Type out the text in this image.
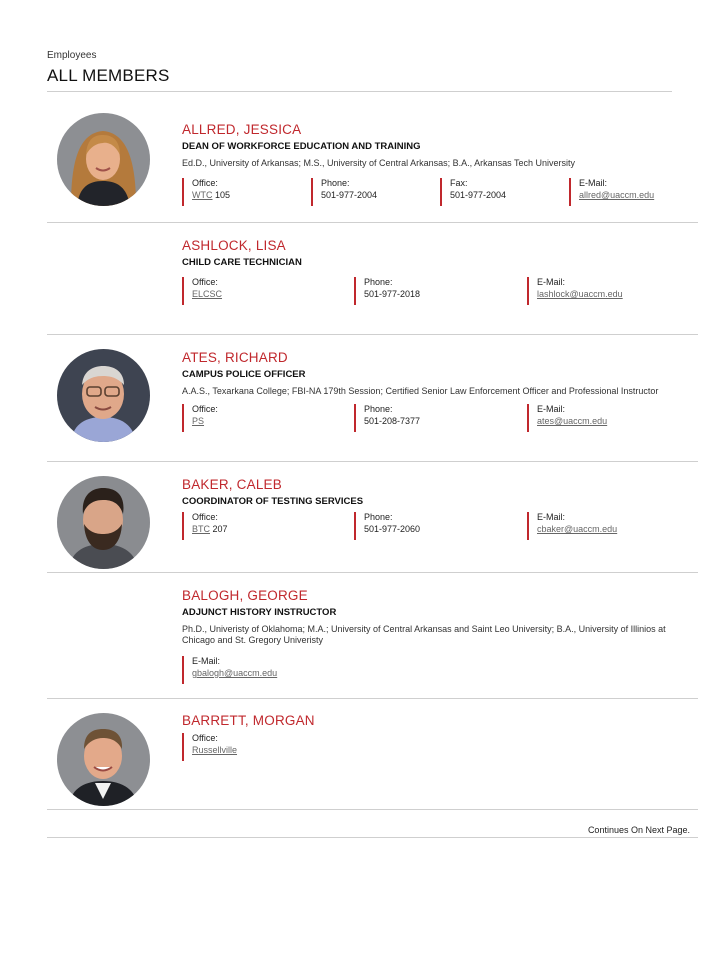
Employees
ALL MEMBERS
ALLRED, JESSICA
DEAN OF WORKFORCE EDUCATION AND TRAINING
Ed.D., University of Arkansas; M.S., University of Central Arkansas; B.A., Arkansas Tech University
Office:
WTC 105
Phone:
501-977-2004
Fax:
501-977-2004
E-Mail:
allred@uaccm.edu
ASHLOCK, LISA
CHILD CARE TECHNICIAN
Office:
ELCSC
Phone:
501-977-2018
E-Mail:
lashlock@uaccm.edu
ATES, RICHARD
CAMPUS POLICE OFFICER
A.A.S., Texarkana College; FBI-NA 179th Session; Certified Senior Law Enforcement Officer and Professional Instructor
Office:
PS
Phone:
501-208-7377
E-Mail:
ates@uaccm.edu
BAKER, CALEB
COORDINATOR OF TESTING SERVICES
Office:
BTC 207
Phone:
501-977-2060
E-Mail:
cbaker@uaccm.edu
BALOGH, GEORGE
ADJUNCT HISTORY INSTRUCTOR
Ph.D., Univeristy of Oklahoma; M.A.; University of Central Arkansas and Saint Leo University; B.A., University of Illinios at Chicago and St. Gregory Univeristy
E-Mail:
gbalogh@uaccm.edu
BARRETT, MORGAN
Office:
Russellville
Continues On Next Page.
